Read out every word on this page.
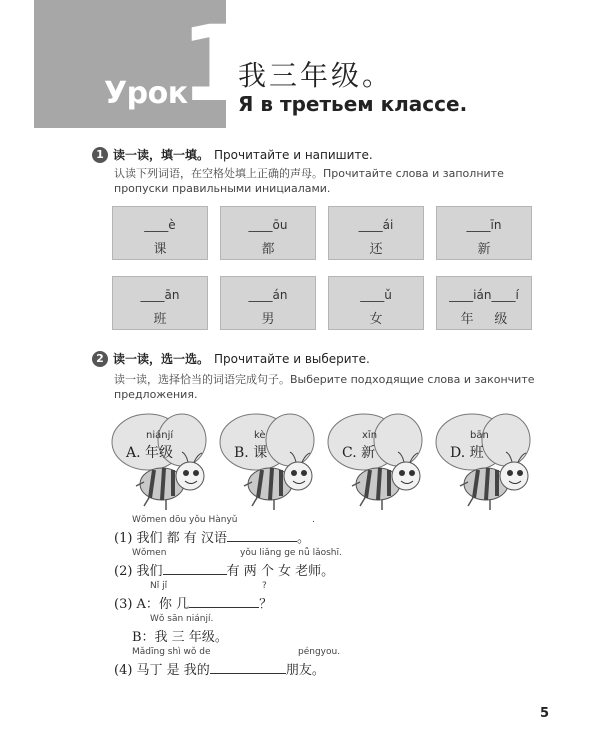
Урок
1
我三年级。
Я в третьем классе.
1 读一读，填一填。 Прочитайте и напишите.
认读下列词语，在空格处填上正确的声母。Прочитайте слова и заполните пропуски правильными инициалами.
____è
课
____ōu
都
____ái
还
____īn
新
____ān
班
____án
男
____ǔ
女
____ián____í
年     级
2 读一读，选一选。 Прочитайте и выберите.
读一读，选择恰当的词语完成句子。Выберите подходящие слова и закончите предложения.
niánjí
A. 年级
kè
B. 课
xīn
C. 新
bān
D. 班
Wǒmen dōu yǒu Hànyǔ	.
(1) 我们 都 有 汉语	。
Wǒmen	yǒu liǎng ge nǚ lǎoshī.
(2) 我们	有 两 个 女 老师。
Nǐ jǐ	?
(3) A：你 几	？
Wǒ sān niánjí.
B：我 三 年级。
Mǎdīng shì wǒ de	péngyou.
(4) 马丁 是 我的	朋友。
5
